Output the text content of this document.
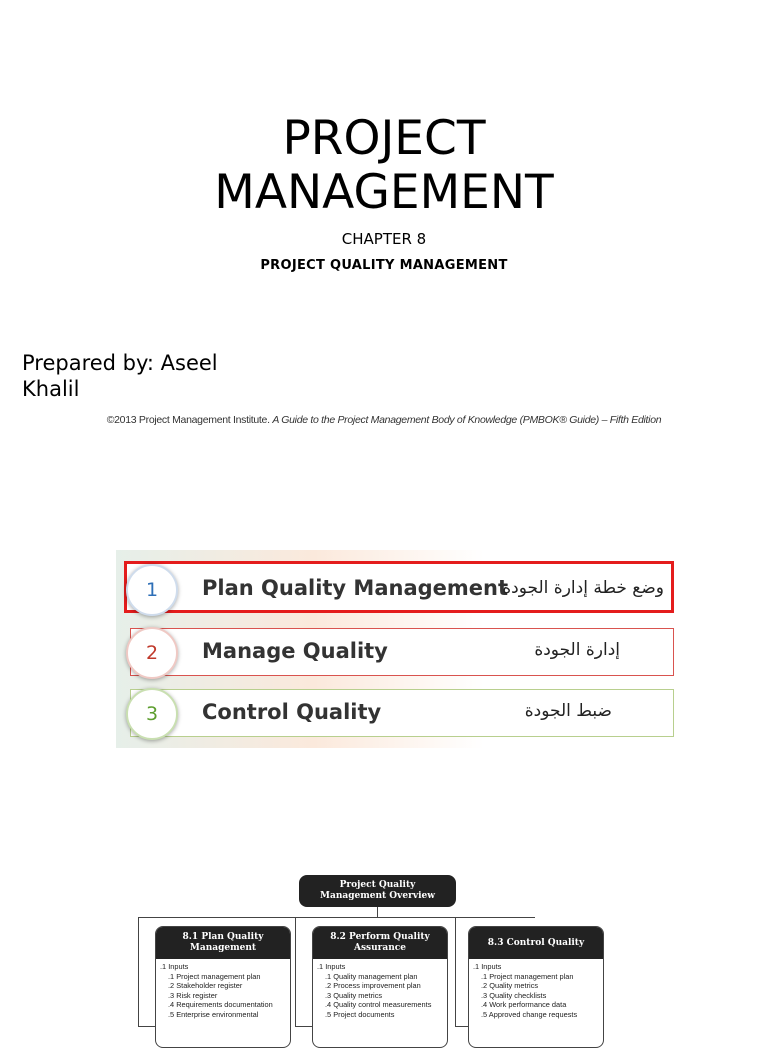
PROJECT
MANAGEMENT
CHAPTER 8
PROJECT QUALITY MANAGEMENT
Prepared by: Aseel
Khalil
©2013 Project Management Institute. A Guide to the Project Management Body of Knowledge (PMBOK® Guide) – Fifth Edition
1
2
3
Plan Quality Management
Manage Quality
Control Quality
وضع خطة إدارة الجودة
إدارة الجودة
ضبط الجودة
Project Quality
Management Overview
8.1 Plan Quality
Management
.1 Inputs
.1 Project management plan
.2 Stakeholder register
.3 Risk register
.4 Requirements documentation
.5 Enterprise environmental
8.2 Perform Quality
Assurance
.1 Inputs
.1 Quality management plan
.2 Process improvement plan
.3 Quality metrics
.4 Quality control measurements
.5 Project documents
8.3 Control Quality
.1 Inputs
.1 Project management plan
.2 Quality metrics
.3 Quality checklists
.4 Work performance data
.5 Approved change requests
